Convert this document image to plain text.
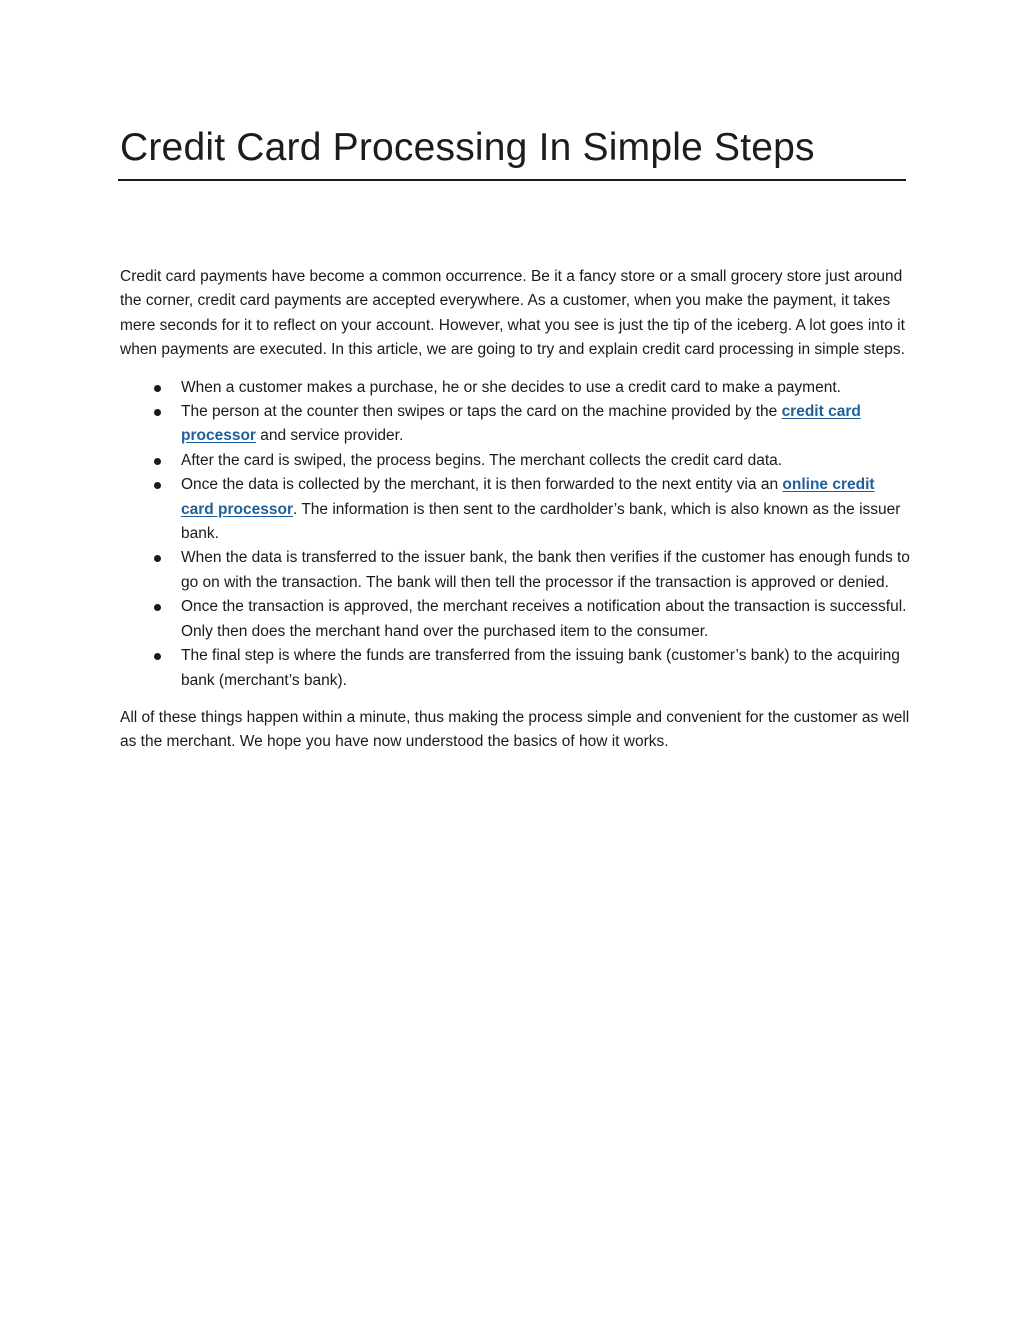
Credit Card Processing In Simple Steps

Credit card payments have become a common occurrence. Be it a fancy store or a small grocery store just around the corner, credit card payments are accepted everywhere. As a customer, when you make the payment, it takes mere seconds for it to reflect on your account. However, what you see is just the tip of the iceberg. A lot goes into it when payments are executed. In this article, we are going to try and explain credit card processing in simple steps.

When a customer makes a purchase, he or she decides to use a credit card to make a payment.
The person at the counter then swipes or taps the card on the machine provided by the credit card processor and service provider.
After the card is swiped, the process begins. The merchant collects the credit card data.
Once the data is collected by the merchant, it is then forwarded to the next entity via an online credit card processor. The information is then sent to the cardholder’s bank, which is also known as the issuer bank.
When the data is transferred to the issuer bank, the bank then verifies if the customer has enough funds to go on with the transaction. The bank will then tell the processor if the transaction is approved or denied.
Once the transaction is approved, the merchant receives a notification about the transaction is successful. Only then does the merchant hand over the purchased item to the consumer.
The final step is where the funds are transferred from the issuing bank (customer’s bank) to the acquiring bank (merchant’s bank).

All of these things happen within a minute, thus making the process simple and convenient for the customer as well as the merchant. We hope you have now understood the basics of how it works.
